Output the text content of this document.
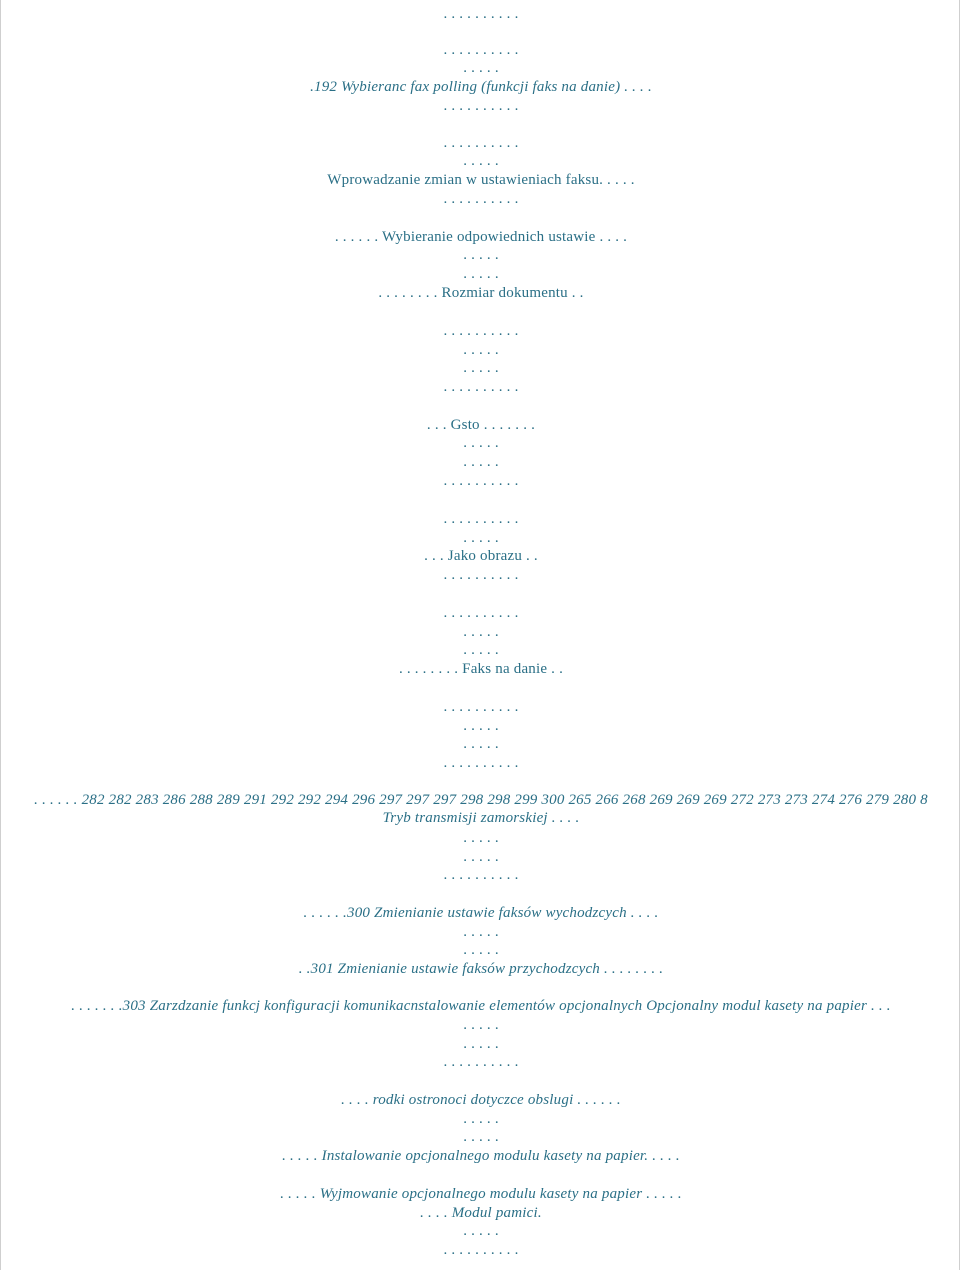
. . . . . . . . . .
. . . . . . . . . .
. . . . .
.192 Wybieranc fax polling (funkcji faks na danie) . . . .
. . . . . . . . . .
. . . . . . . . . .
. . . . .
Wprowadzanie zmian w ustawieniach faksu. . . . .
. . . . . . . . . .
. . . . . . Wybieranie odpowiednich ustawie . . . .
. . . . .
. . . . .
. . . . . . . . Rozmiar dokumentu . .
. . . . . . . . . .
. . . . .
. . . . .
. . . . . . . . . .
. . . Gsto . . . . . . .
. . . . .
. . . . .
. . . . . . . . . .
. . . . . . . . . .
. . . . .
. . . Jako obrazu . .
. . . . . . . . . .
. . . . . . . . . .
. . . . .
. . . . .
. . . . . . . . Faks na danie . .
. . . . . . . . . .
. . . . .
. . . . .
. . . . . . . . . .
. . . . . . 282 282 283 286 288 289 291 292 292 294 296 297 297 297 298 298 299 300 265 266 268 269 269 269 272 273 273 274 276 279 280 8 Tryb transmisji zamorskiej . . . .
. . . . .
. . . . .
. . . . . . . . . .
. . . . . .300 Zmienianie ustawie faksów wychodzcych . . . .
. . . . .
. . . . .
. .301 Zmienianie ustawie faksów przychodzcych . . . . . . . .
. . . . . . .303 Zarzdzanie funkcj konfiguracji komunikacnstalowanie elementów opcjonalnych Opcjonalny modul kasety na papier . . .
. . . . .
. . . . .
. . . . . . . . . .
. . . . rodki ostronoci dotyczce obslugi . . . . . .
. . . . .
. . . . .
. . . . . Instalowanie opcjonalnego modulu kasety na papier. . . . .
. . . . . Wyjmowanie opcjonalnego modulu kasety na papier . . . . .
. . . . Modul pamici.
. . . . .
. . . . . . . . . .
